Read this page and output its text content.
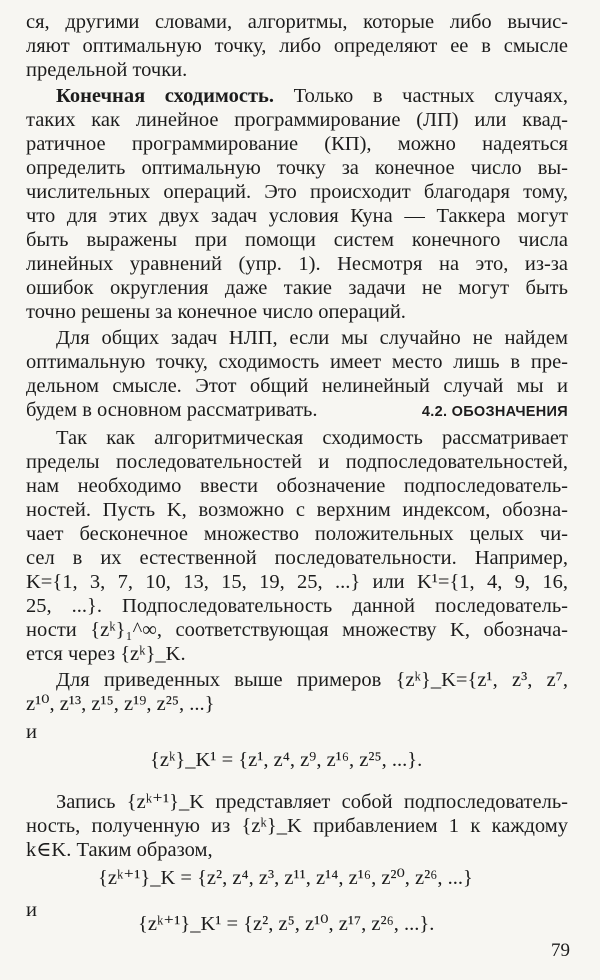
ся, другими словами, алгоритмы, которые либо вычис-
ляют оптимальную точку, либо определяют ее в смысле
предельной точки.
Конечная сходимость. Только в частных случаях,
таких как линейное программирование (ЛП) или квад-
ратичное программирование (КП), можно надеяться
определить оптимальную точку за конечное число вы-
числительных операций. Это происходит благодаря тому,
что для этих двух задач условия Куна — Таккера могут
быть выражены при помощи систем конечного числа
линейных уравнений (упр. 1). Несмотря на это, из-за
ошибок округления даже такие задачи не могут быть
точно решены за конечное число операций.
Для общих задач НЛП, если мы случайно не найдем
оптимальную точку, сходимость имеет место лишь в пре-
дельном смысле. Этот общий нелинейный случай мы и
будем в основном рассматривать.	4.2. ОБОЗНАЧЕНИЯ
Так как алгоритмическая сходимость рассматривает
пределы последовательностей и подпоследовательностей,
нам необходимо ввести обозначение подпоследователь-
ностей. Пусть K, возможно с верхним индексом, обозна-
чает бесконечное множество положительных целых чи-
сел в их естественной последовательности. Например,
K={1, 3, 7, 10, 13, 15, 19, 25, ...} или K¹={1, 4, 9, 16,
25, ...}. Подпоследовательность данной последователь-
ности {zᵏ}₁^∞, соответствующая множеству K, обознача-
ется через {zᵏ}_K.
Для приведенных выше примеров {zᵏ}_K={z¹, z³, z⁷,
z¹⁰, z¹³, z¹⁵, z¹⁹, z²⁵, ...}
и
{zᵏ}_K¹ = {z¹, z⁴, z⁹, z¹⁶, z²⁵, ...}.
Запись {zᵏ⁺¹}_K представляет собой подпоследователь-
ность, полученную из {zᵏ}_K прибавлением 1 к каждому
k∈K. Таким образом,
{zᵏ⁺¹}_K = {z², z⁴, z³, z¹¹, z¹⁴, z¹⁶, z²⁰, z²⁶, ...}
и
{zᵏ⁺¹}_K¹ = {z², z⁵, z¹⁰, z¹⁷, z²⁶, ...}.
79
